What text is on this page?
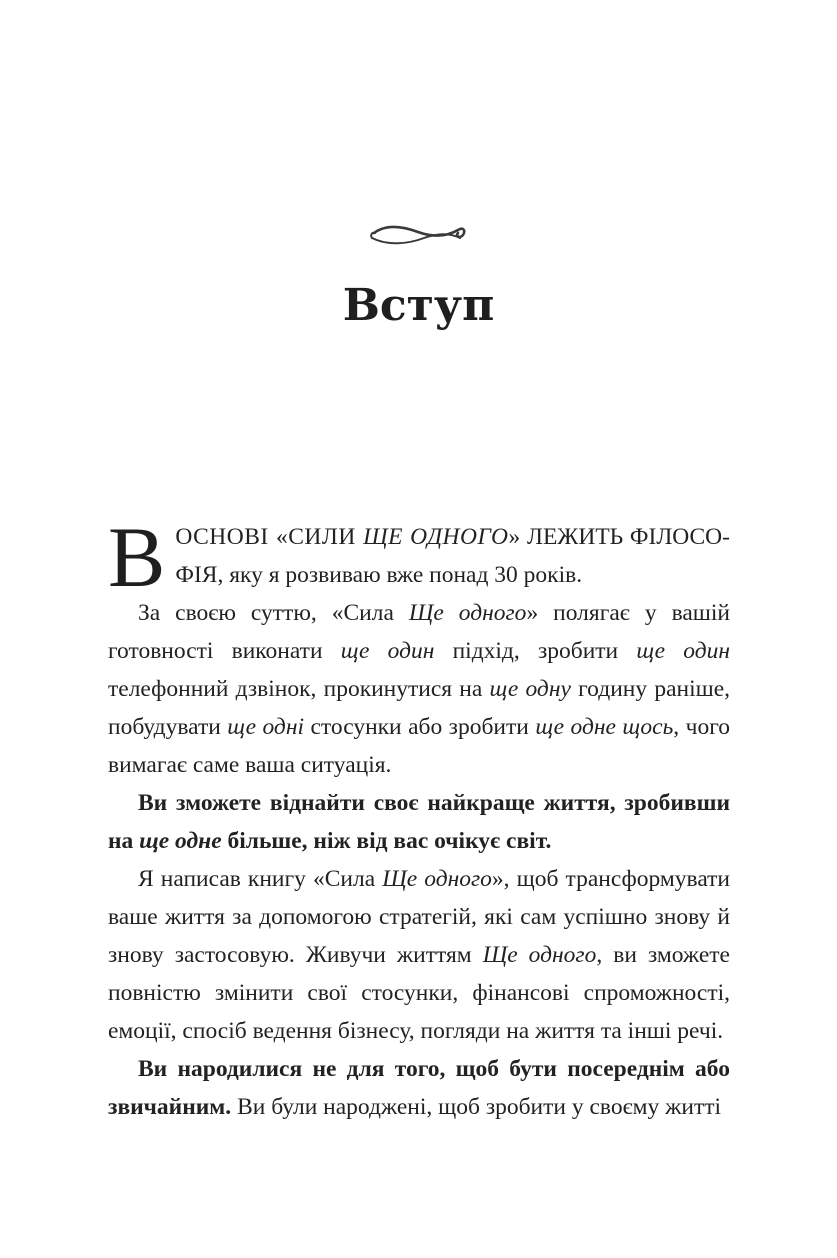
Вступ

ВОСНОВІ «СИЛИ ЩЕ ОДНОГО» ЛЕЖИТЬ ФІЛОСО-ФІЯ, яку я розвиваю вже понад 30 років.

За своєю суттю, «Сила Ще одного» полягає у вашій готовності виконати ще один підхід, зробити ще один телефонний дзвінок, прокинутися на ще одну годину раніше, побудувати ще одні стосунки або зробити ще одне щось, чого вимагає саме ваша ситуація.

Ви зможете віднайти своє найкраще життя, зробивши на ще одне більше, ніж від вас очікує світ.

Я написав книгу «Сила Ще одного», щоб трансформувати ваше життя за допомогою стратегій, які сам успішно знову й знову застосовую. Живучи життям Ще одного, ви зможете повністю змінити свої стосунки, фінансові спроможності, емоції, спосіб ведення бізнесу, погляди на життя та інші речі.

Ви народилися не для того, щоб бути посереднім або звичайним. Ви були народжені, щоб зробити у своєму житті
